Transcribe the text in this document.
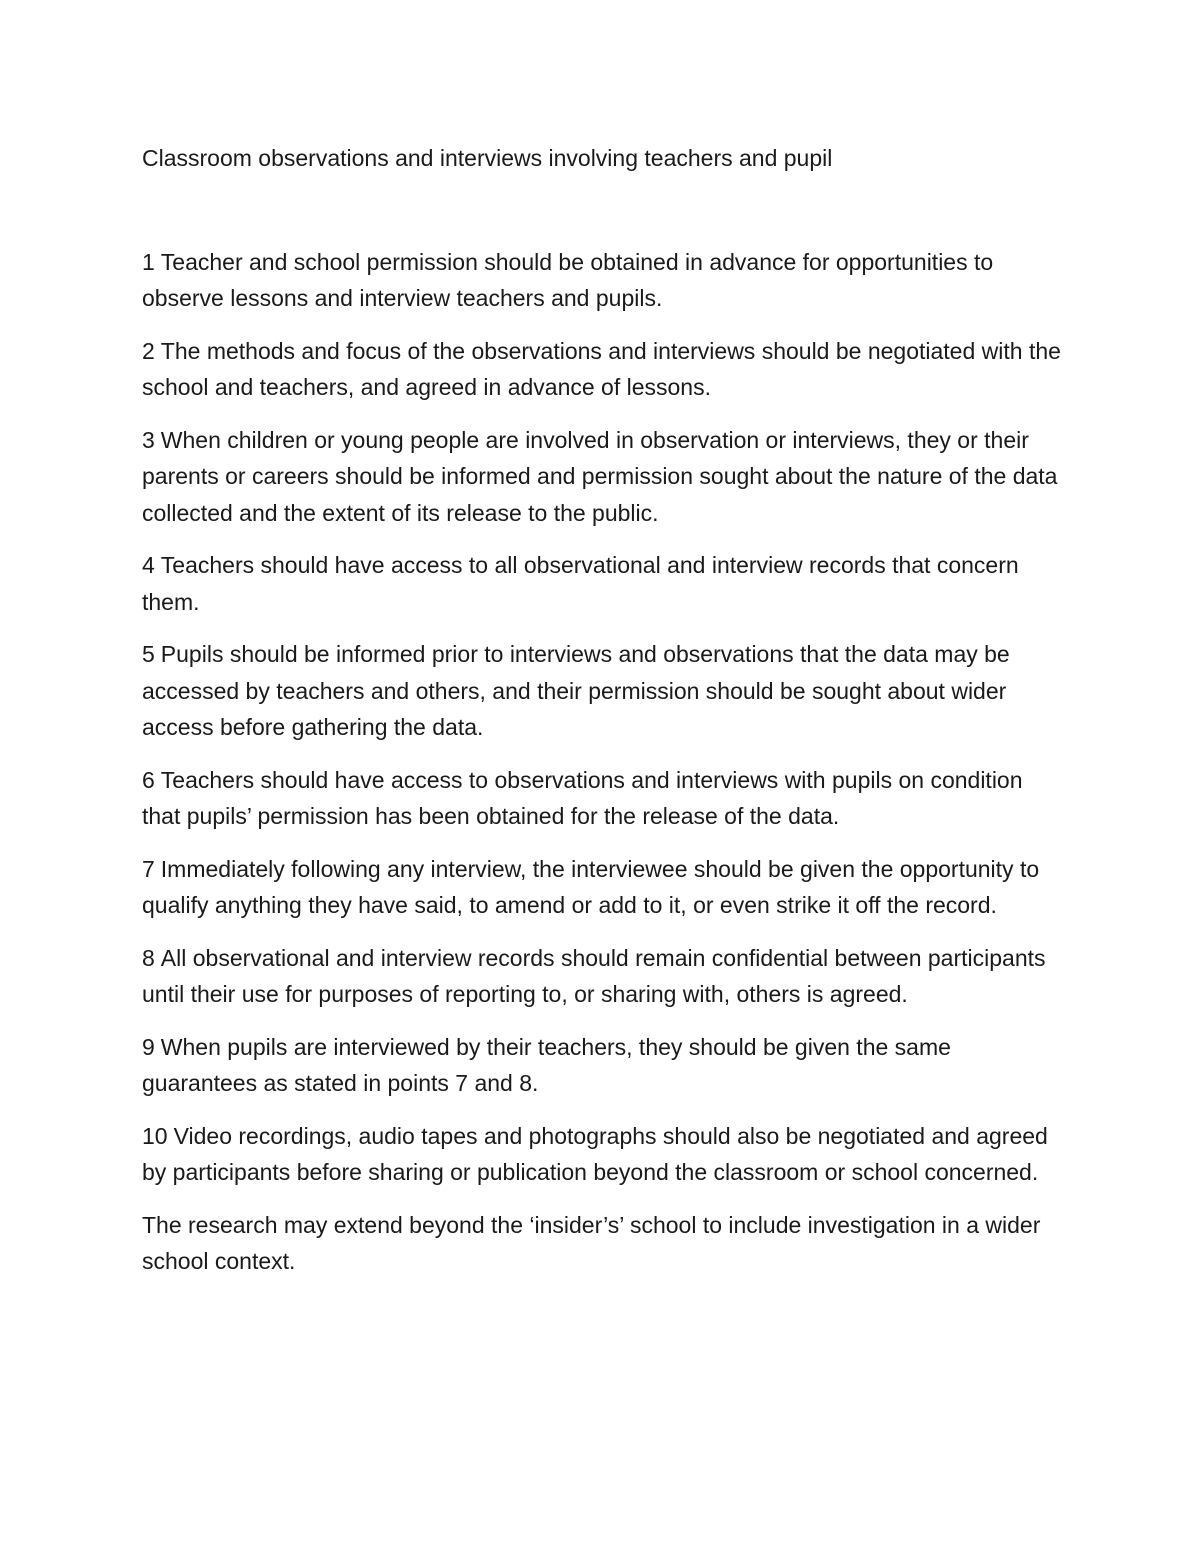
Classroom observations and interviews involving teachers and pupil

1 Teacher and school permission should be obtained in advance for opportunities to observe lessons and interview teachers and pupils.

2 The methods and focus of the observations and interviews should be negotiated with the school and teachers, and agreed in advance of lessons.

3 When children or young people are involved in observation or interviews, they or their parents or careers should be informed and permission sought about the nature of the data collected and the extent of its release to the public.

4 Teachers should have access to all observational and interview records that concern them.

5 Pupils should be informed prior to interviews and observations that the data may be accessed by teachers and others, and their permission should be sought about wider access before gathering the data.

6 Teachers should have access to observations and interviews with pupils on condition that pupils’ permission has been obtained for the release of the data.

7 Immediately following any interview, the interviewee should be given the opportunity to qualify anything they have said, to amend or add to it, or even strike it off the record.

8 All observational and interview records should remain confidential between participants until their use for purposes of reporting to, or sharing with, others is agreed.

9 When pupils are interviewed by their teachers, they should be given the same guarantees as stated in points 7 and 8.

10 Video recordings, audio tapes and photographs should also be negotiated and agreed by participants before sharing or publication beyond the classroom or school concerned.

The research may extend beyond the ‘insider’s’ school to include investigation in a wider school context.
